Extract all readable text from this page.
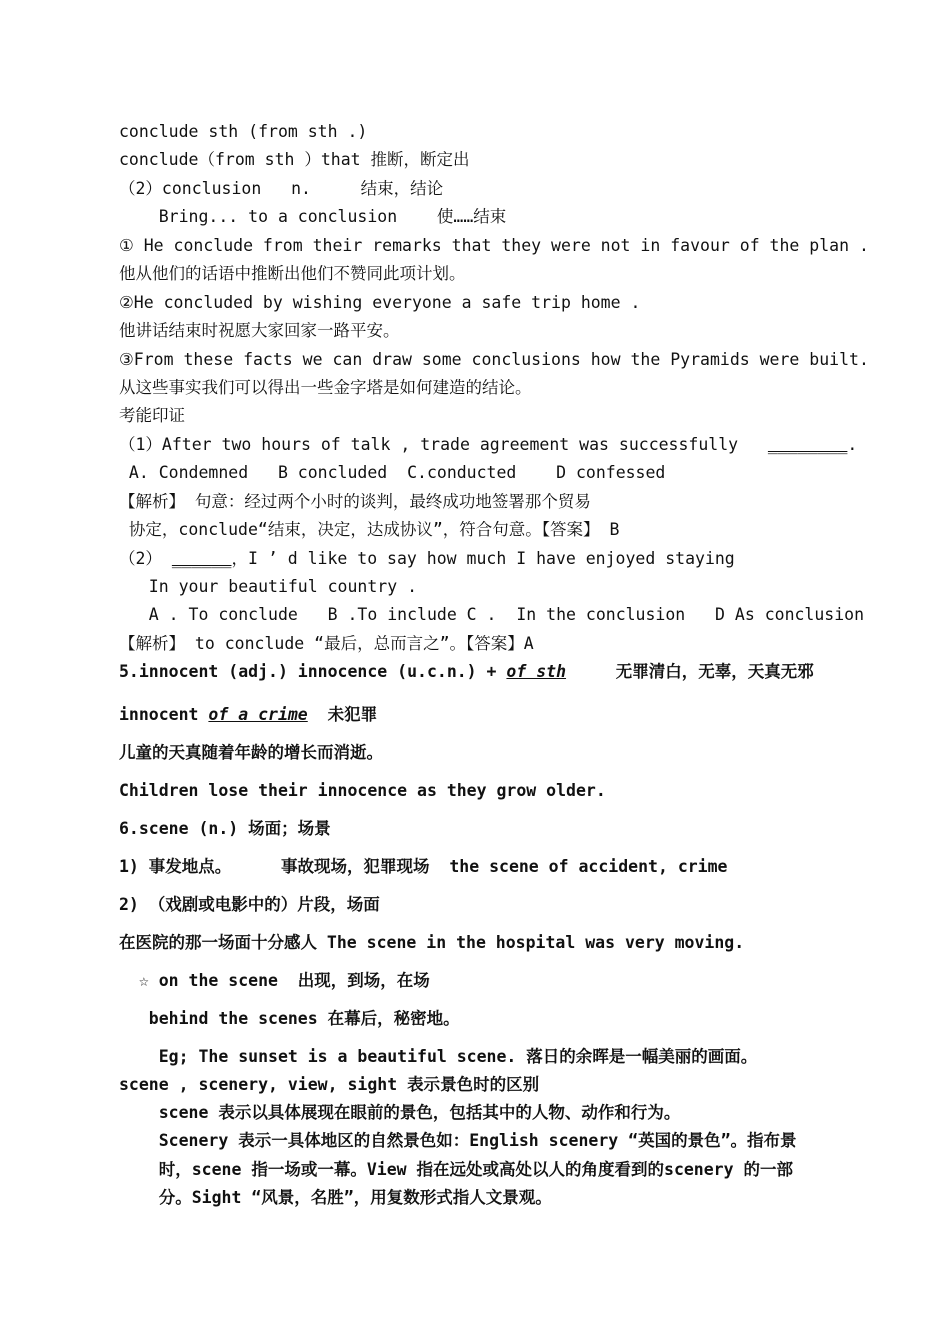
conclude sth (from sth .)
conclude（from sth ）that 推断，断定出
（2）conclusion   n.     结束，结论
Bring... to a conclusion    使……结束
① He conclude from their remarks that they were not in favour of the plan .
他从他们的话语中推断出他们不赞同此项计划。
②He concluded by wishing everyone a safe trip home .
他讲话结束时祝愿大家回家一路平安。
③From these facts we can draw some conclusions how the Pyramids were built.
从这些事实我们可以得出一些金字塔是如何建造的结论。
考能印证
（1）After two hours of talk , trade agreement was successfully   ________.
A. Condemned   B concluded  C.conducted    D confessed
【解析】 句意：经过两个小时的谈判，最终成功地签署那个贸易
协定，conclude“结束，决定，达成协议”，符合句意。【答案】 B
（2） ______，I ’ d like to say how much I have enjoyed staying
In your beautiful country .
A . To conclude   B .To include C .  In the conclusion   D As conclusion
【解析】 to conclude “最后，总而言之”。【答案】A
5.innocent (adj.) innocence (u.c.n.) + of sth     无罪清白，无辜，天真无邪
innocent of a crime  未犯罪
儿童的天真随着年龄的增长而消逝。
Children lose their innocence as they grow older.
6.scene (n.) 场面；场景
1) 事发地点。     事故现场，犯罪现场  the scene of accident, crime
2) （戏剧或电影中的）片段，场面
在医院的那一场面十分感人 The scene in the hospital was very moving.
☆ on the scene  出现，到场，在场
behind the scenes 在幕后，秘密地。
Eg; The sunset is a beautiful scene. 落日的余晖是一幅美丽的画面。
scene , scenery, view, sight 表示景色时的区别
scene 表示以具体展现在眼前的景色，包括其中的人物、动作和行为。
Scenery 表示一具体地区的自然景色如：English scenery “英国的景色”。指布景
时，scene 指一场或一幕。View 指在远处或高处以人的角度看到的scenery 的一部
分。Sight “风景，名胜”，用复数形式指人文景观。
